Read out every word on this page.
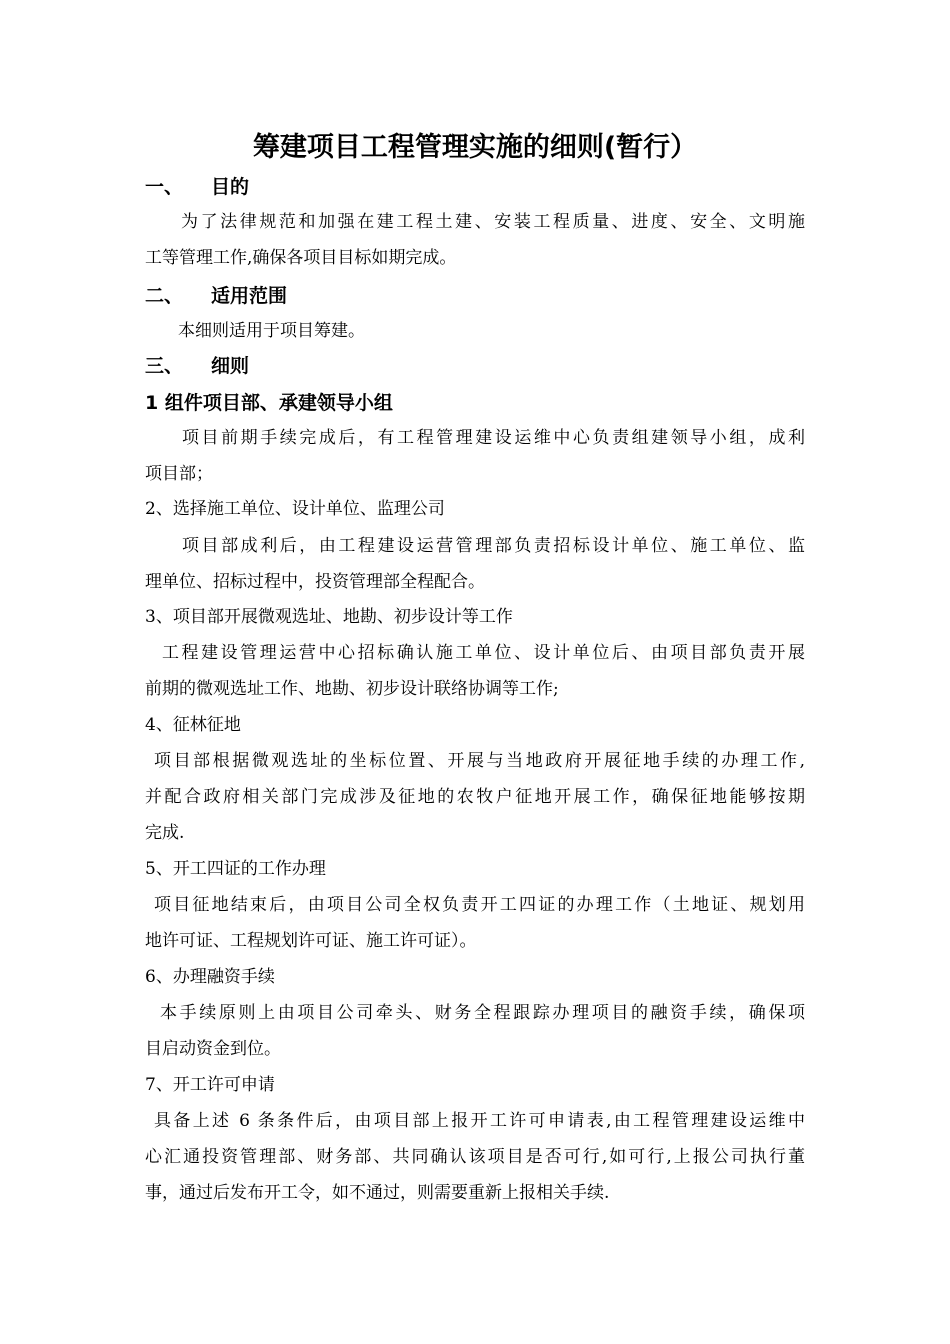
筹建项目工程管理实施的细则(暂行）
一、 目的
为了法律规范和加强在建工程土建、安装工程质量、进度、安全、文明施
工等管理工作,确保各项目目标如期完成。
二、 适用范围
本细则适用于项目筹建。
三、 细则
1 组件项目部、承建领导小组
项目前期手续完成后，有工程管理建设运维中心负责组建领导小组，成利
项目部；
2、选择施工单位、设计单位、监理公司
项目部成利后，由工程建设运营管理部负责招标设计单位、施工单位、监
理单位、招标过程中，投资管理部全程配合。
3、项目部开展微观选址、地勘、初步设计等工作
工程建设管理运营中心招标确认施工单位、设计单位后、由项目部负责开展
前期的微观选址工作、地勘、初步设计联络协调等工作;
4、征林征地
项目部根据微观选址的坐标位置、开展与当地政府开展征地手续的办理工作,
并配合政府相关部门完成涉及征地的农牧户征地开展工作，确保征地能够按期
完成.
5、开工四证的工作办理
项目征地结束后，由项目公司全权负责开工四证的办理工作（土地证、规划用
地许可证、工程规划许可证、施工许可证）。
6、办理融资手续
本手续原则上由项目公司牵头、财务全程跟踪办理项目的融资手续，确保项
目启动资金到位。
7、开工许可申请
具备上述 6 条条件后，由项目部上报开工许可申请表,由工程管理建设运维中
心汇通投资管理部、财务部、共同确认该项目是否可行,如可行,上报公司执行董
事，通过后发布开工令，如不通过，则需要重新上报相关手续.
